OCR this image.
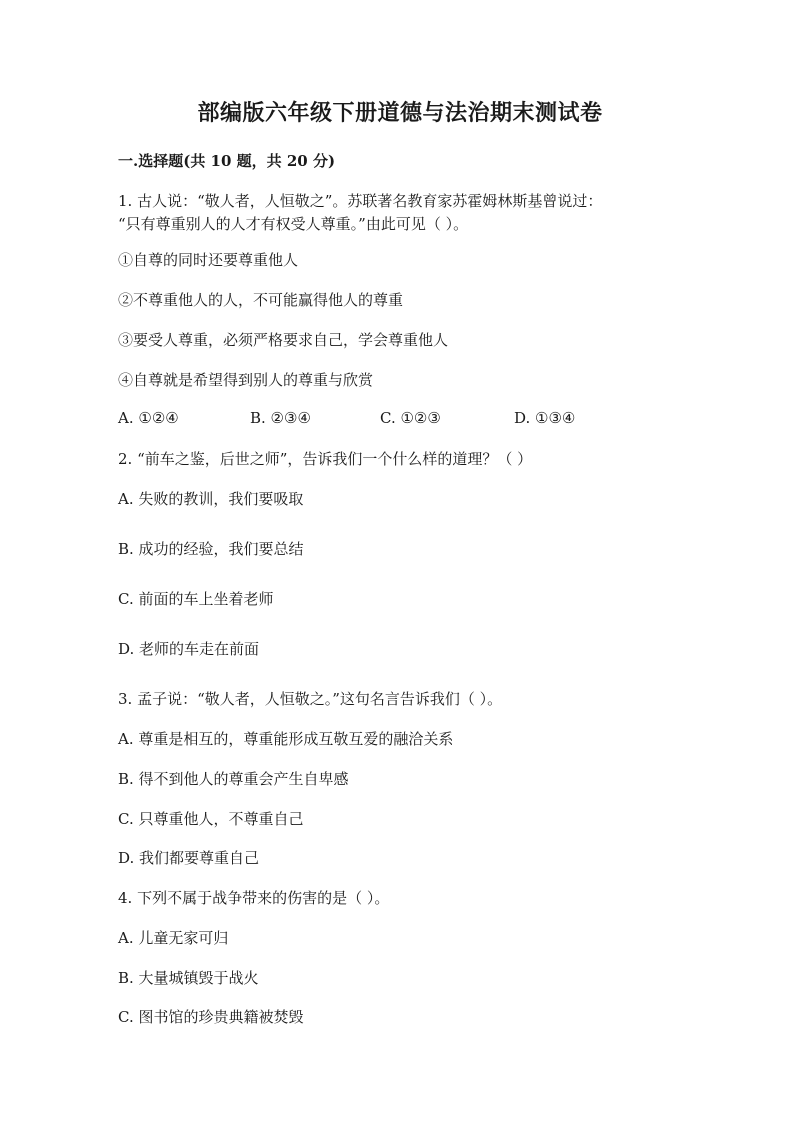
部编版六年级下册道德与法治期末测试卷
一.选择题(共 10 题，共 20 分)
1. 古人说：“敬人者，人恒敬之”。苏联著名教育家苏霍姆林斯基曾说过：
“只有尊重别人的人才有权受人尊重。”由此可见（ ）。
①自尊的同时还要尊重他人
②不尊重他人的人，不可能赢得他人的尊重
③要受人尊重，必须严格要求自己，学会尊重他人
④自尊就是希望得到别人的尊重与欣赏
A. ①②④	B. ②③④	C. ①②③	D. ①③④
2. “前车之鉴，后世之师”，告诉我们一个什么样的道理？（ ）
A. 失败的教训，我们要吸取
B. 成功的经验，我们要总结
C. 前面的车上坐着老师
D. 老师的车走在前面
3. 孟子说：“敬人者，人恒敬之。”这句名言告诉我们（ ）。
A. 尊重是相互的，尊重能形成互敬互爱的融洽关系
B. 得不到他人的尊重会产生自卑感
C. 只尊重他人，不尊重自己
D. 我们都要尊重自己
4. 下列不属于战争带来的伤害的是（ ）。
A. 儿童无家可归
B. 大量城镇毁于战火
C. 图书馆的珍贵典籍被焚毁
